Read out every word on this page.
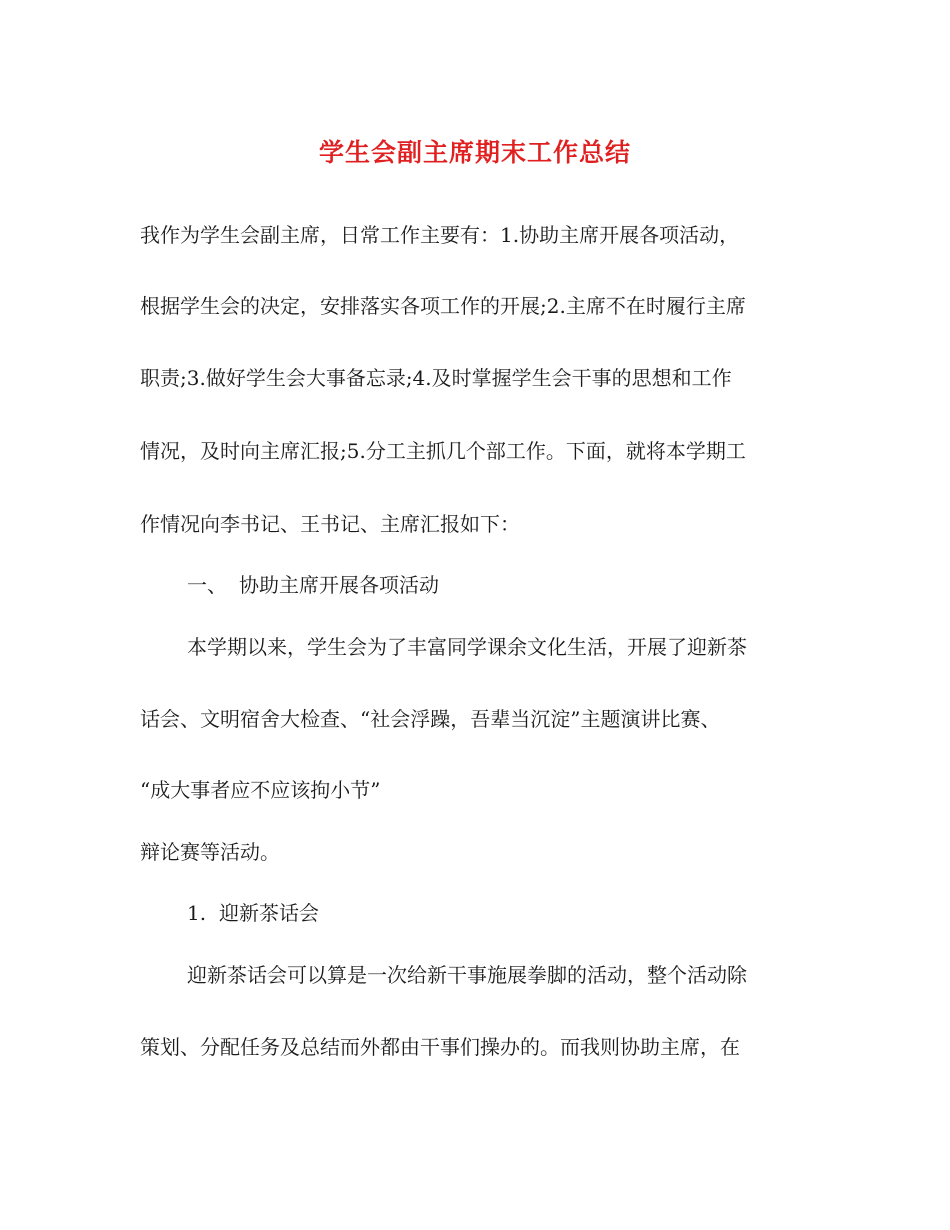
学生会副主席期末工作总结
我作为学生会副主席，日常工作主要有：1.协助主席开展各项活动，
根据学生会的决定，安排落实各项工作的开展;2.主席不在时履行主席
职责;3.做好学生会大事备忘录;4.及时掌握学生会干事的思想和工作
情况，及时向主席汇报;5.分工主抓几个部工作。下面，就将本学期工
作情况向李书记、王书记、主席汇报如下：
一、 协助主席开展各项活动
本学期以来，学生会为了丰富同学课余文化生活，开展了迎新茶
话会、文明宿舍大检查、“社会浮躁，吾辈当沉淀”主题演讲比赛、
“成大事者应不应该拘小节”
辩论赛等活动。
1. 迎新茶话会
迎新茶话会可以算是一次给新干事施展拳脚的活动，整个活动除
策划、分配任务及总结而外都由干事们操办的。而我则协助主席，在
